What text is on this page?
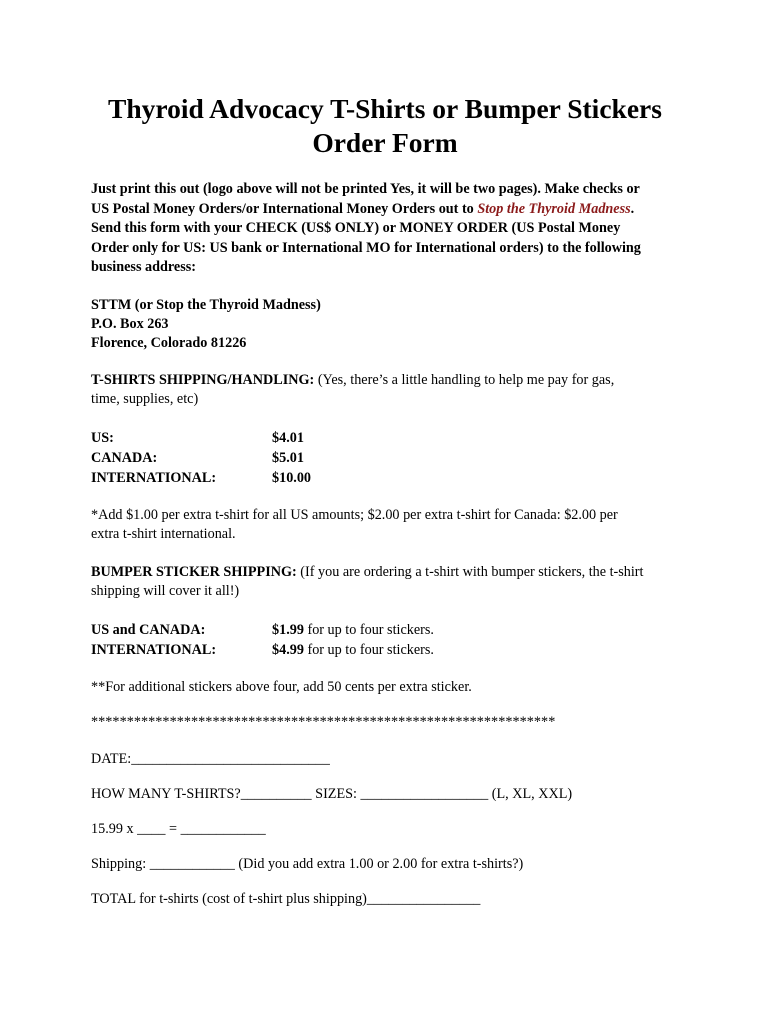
Thyroid Advocacy T-Shirts or Bumper Stickers
Order Form
Just print this out (logo above will not be printed Yes, it will be two pages). Make checks or
US Postal Money Orders/or International Money Orders out to Stop the Thyroid Madness.
Send this form with your CHECK (US$ ONLY) or MONEY ORDER (US Postal Money
Order only for US: US bank or International MO for International orders) to the following
business address:
STTM (or Stop the Thyroid Madness)
P.O. Box 263
Florence, Colorado 81226
T-SHIRTS SHIPPING/HANDLING: (Yes, there’s a little handling to help me pay for gas,
time, supplies, etc)
US:	$4.01
CANADA:	$5.01
INTERNATIONAL:	$10.00
*Add $1.00 per extra t-shirt for all US amounts; $2.00 per extra t-shirt for Canada: $2.00 per
extra t-shirt international.
BUMPER STICKER SHIPPING: (If you are ordering a t-shirt with bumper stickers, the t-shirt
shipping will cover it all!)
US and CANADA:	$1.99 for up to four stickers.
INTERNATIONAL:	$4.99 for up to four stickers.
**For additional stickers above four, add 50 cents per extra sticker.
*****************************************************************
DATE:____________________________
HOW MANY T-SHIRTS?__________ SIZES: __________________ (L, XL, XXL)
15.99 x ____ = ____________
Shipping: ____________ (Did you add extra 1.00 or 2.00 for extra t-shirts?)
TOTAL for t-shirts (cost of t-shirt plus shipping)________________
